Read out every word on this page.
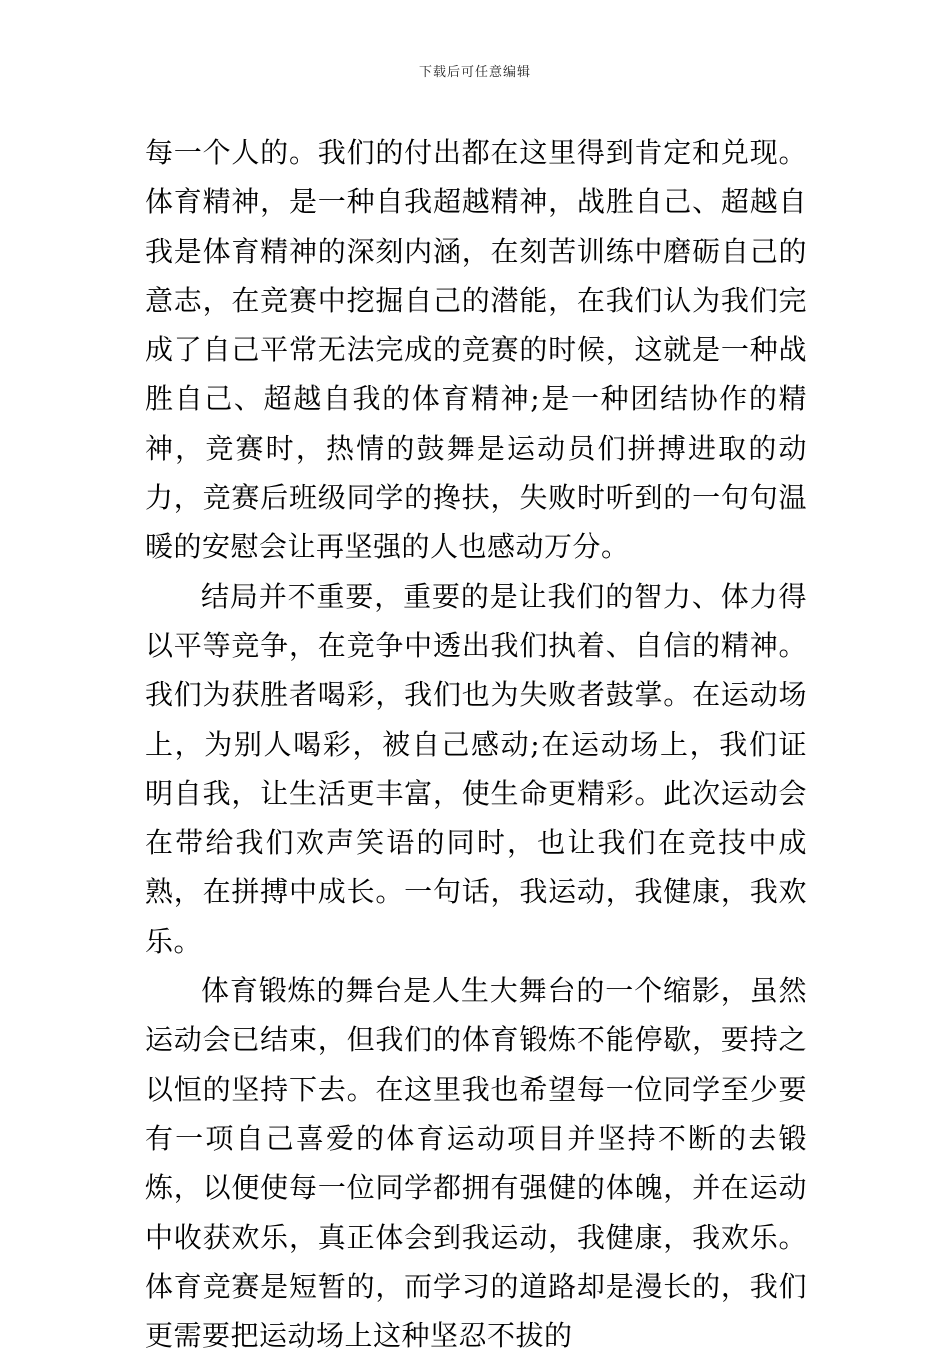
下载后可任意编辑

每一个人的。我们的付出都在这里得到肯定和兑现。体育精神，是一种自我超越精神，战胜自己、超越自我是体育精神的深刻内涵，在刻苦训练中磨砺自己的意志，在竞赛中挖掘自己的潜能，在我们认为我们完成了自己平常无法完成的竞赛的时候，这就是一种战胜自己、超越自我的体育精神;是一种团结协作的精神，竞赛时，热情的鼓舞是运动员们拼搏进取的动力，竞赛后班级同学的搀扶，失败时听到的一句句温暖的安慰会让再坚强的人也感动万分。

结局并不重要，重要的是让我们的智力、体力得以平等竞争，在竞争中透出我们执着、自信的精神。我们为获胜者喝彩，我们也为失败者鼓掌。在运动场上，为别人喝彩，被自己感动;在运动场上，我们证明自我，让生活更丰富，使生命更精彩。此次运动会在带给我们欢声笑语的同时，也让我们在竞技中成熟，在拼搏中成长。一句话，我运动，我健康，我欢乐。

体育锻炼的舞台是人生大舞台的一个缩影，虽然运动会已结束，但我们的体育锻炼不能停歇，要持之以恒的坚持下去。在这里我也希望每一位同学至少要有一项自己喜爱的体育运动项目并坚持不断的去锻炼，以便使每一位同学都拥有强健的体魄，并在运动中收获欢乐，真正体会到我运动，我健康，我欢乐。体育竞赛是短暂的，而学习的道路却是漫长的，我们更需要把运动场上这种坚忍不拔的
